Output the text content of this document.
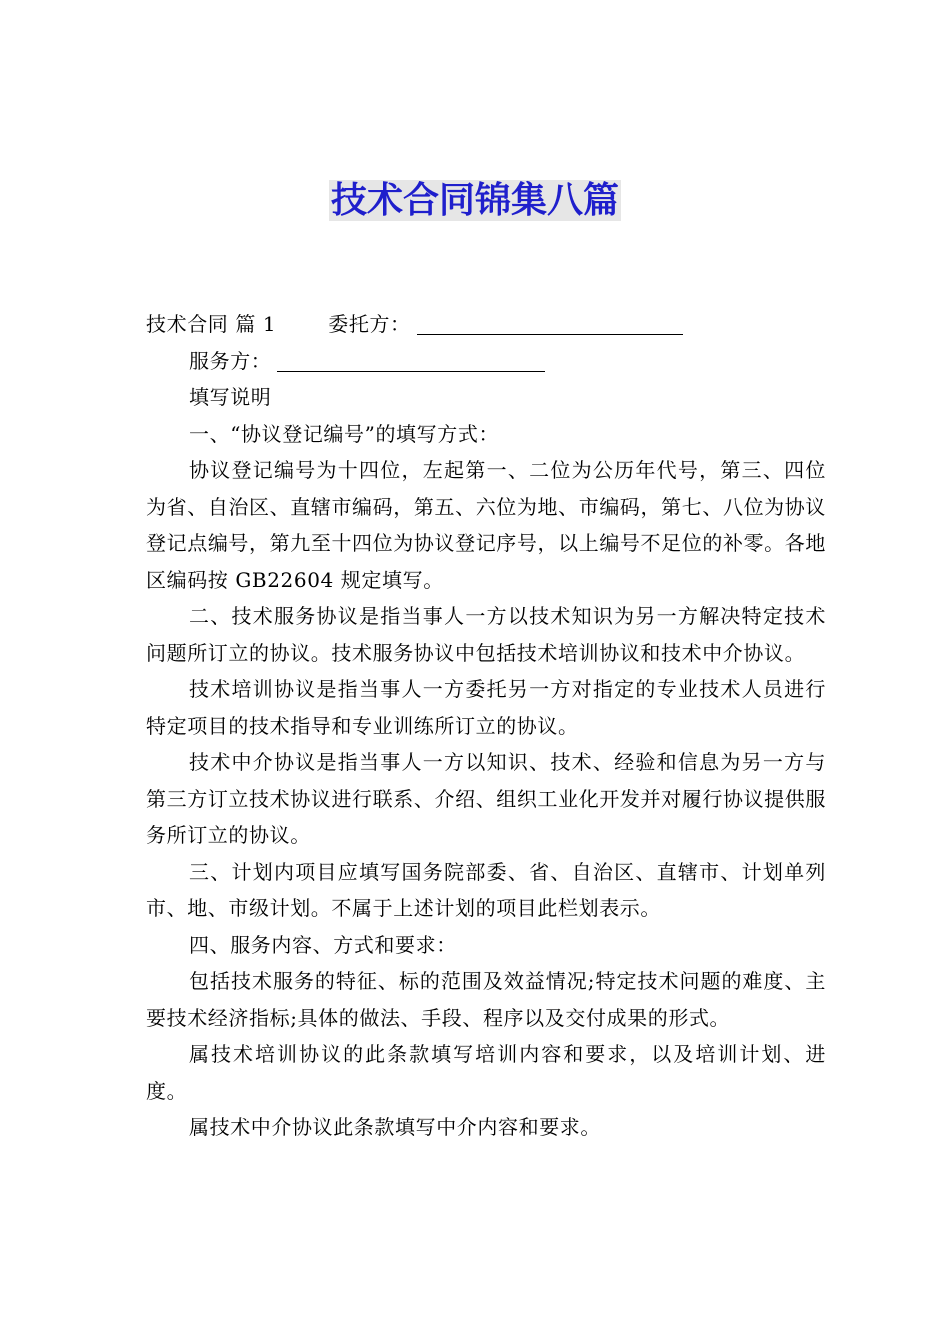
技术合同锦集八篇

技术合同 篇 1	委托方：

服务方：

填写说明

一、“协议登记编号”的填写方式：

协议登记编号为十四位，左起第一、二位为公历年代号，第三、四位为省、自治区、直辖市编码，第五、六位为地、市编码，第七、八位为协议登记点编号，第九至十四位为协议登记序号，以上编号不足位的补零。各地区编码按 GB22604 规定填写。

二、技术服务协议是指当事人一方以技术知识为另一方解决特定技术问题所订立的协议。技术服务协议中包括技术培训协议和技术中介协议。

技术培训协议是指当事人一方委托另一方对指定的专业技术人员进行特定项目的技术指导和专业训练所订立的协议。

技术中介协议是指当事人一方以知识、技术、经验和信息为另一方与第三方订立技术协议进行联系、介绍、组织工业化开发并对履行协议提供服务所订立的协议。

三、计划内项目应填写国务院部委、省、自治区、直辖市、计划单列市、地、市级计划。不属于上述计划的项目此栏划表示。

四、服务内容、方式和要求：

包括技术服务的特征、标的范围及效益情况;特定技术问题的难度、主要技术经济指标;具体的做法、手段、程序以及交付成果的形式。

属技术培训协议的此条款填写培训内容和要求，以及培训计划、进度。

属技术中介协议此条款填写中介内容和要求。
